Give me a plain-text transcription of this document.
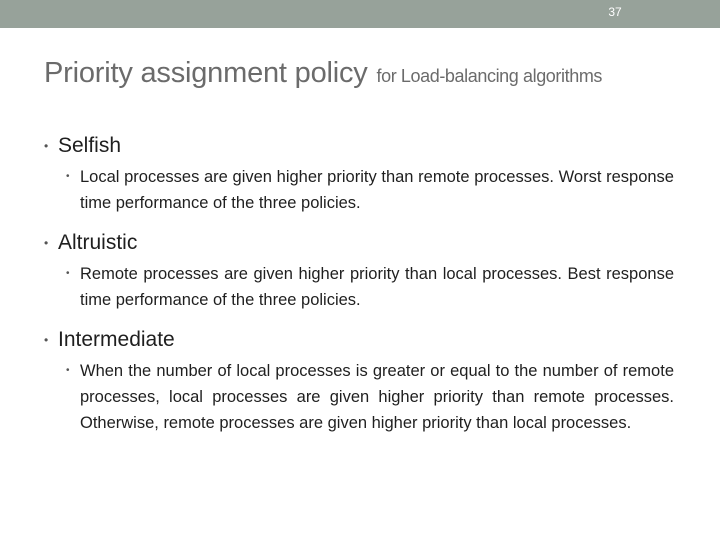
37
Priority assignment policy for Load-balancing algorithms

• Selfish

• Local processes are given higher priority than remote processes. Worst response time performance of the three policies.

• Altruistic

• Remote processes are given higher priority than local processes. Best response time performance of the three policies.

• Intermediate

• When the number of local processes is greater or equal to the number of remote processes, local processes are given higher priority than remote processes. Otherwise, remote processes are given higher priority than local processes.
